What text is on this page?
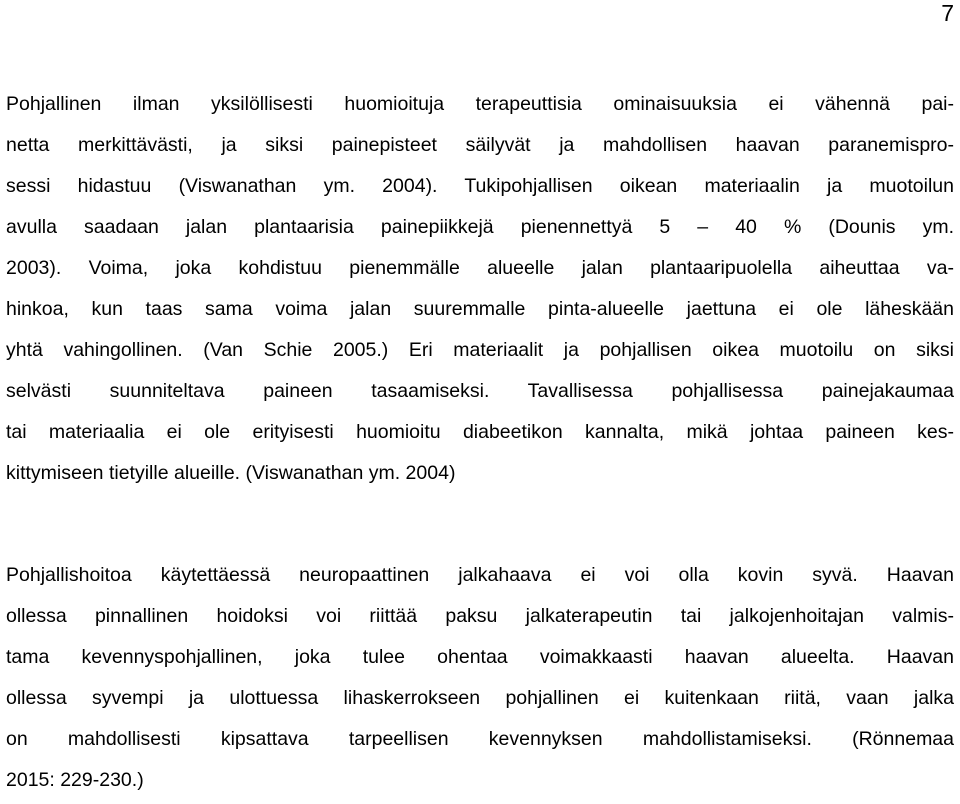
7
Pohjallinen ilman yksilöllisesti huomioituja terapeuttisia ominaisuuksia ei vähennä pai-
netta merkittävästi, ja siksi painepisteet säilyvät ja mahdollisen haavan paranemispro-
sessi hidastuu (Viswanathan ym. 2004). Tukipohjallisen oikean materiaalin ja muotoilun
avulla saadaan jalan plantaarisia painepiikkejä pienennettyä 5 – 40 % (Dounis ym.
2003). Voima, joka kohdistuu pienemmälle alueelle jalan plantaaripuolella aiheuttaa va-
hinkoa, kun taas sama voima jalan suuremmalle pinta-alueelle jaettuna ei ole läheskään
yhtä vahingollinen. (Van Schie 2005.) Eri materiaalit ja pohjallisen oikea muotoilu on siksi
selvästi suunniteltava paineen tasaamiseksi. Tavallisessa pohjallisessa painejakaumaa
tai materiaalia ei ole erityisesti huomioitu diabeetikon kannalta, mikä johtaa paineen kes-
kittymiseen tietyille alueille. (Viswanathan ym. 2004)
Pohjallishoitoa käytettäessä neuropaattinen jalkahaava ei voi olla kovin syvä. Haavan
ollessa pinnallinen hoidoksi voi riittää paksu jalkaterapeutin tai jalkojenhoitajan valmis-
tama kevennyspohjallinen, joka tulee ohentaa voimakkaasti haavan alueelta. Haavan
ollessa syvempi ja ulottuessa lihaskerrokseen pohjallinen ei kuitenkaan riitä, vaan jalka
on mahdollisesti kipsattava tarpeellisen kevennyksen mahdollistamiseksi. (Rönnemaa
2015: 229-230.)
